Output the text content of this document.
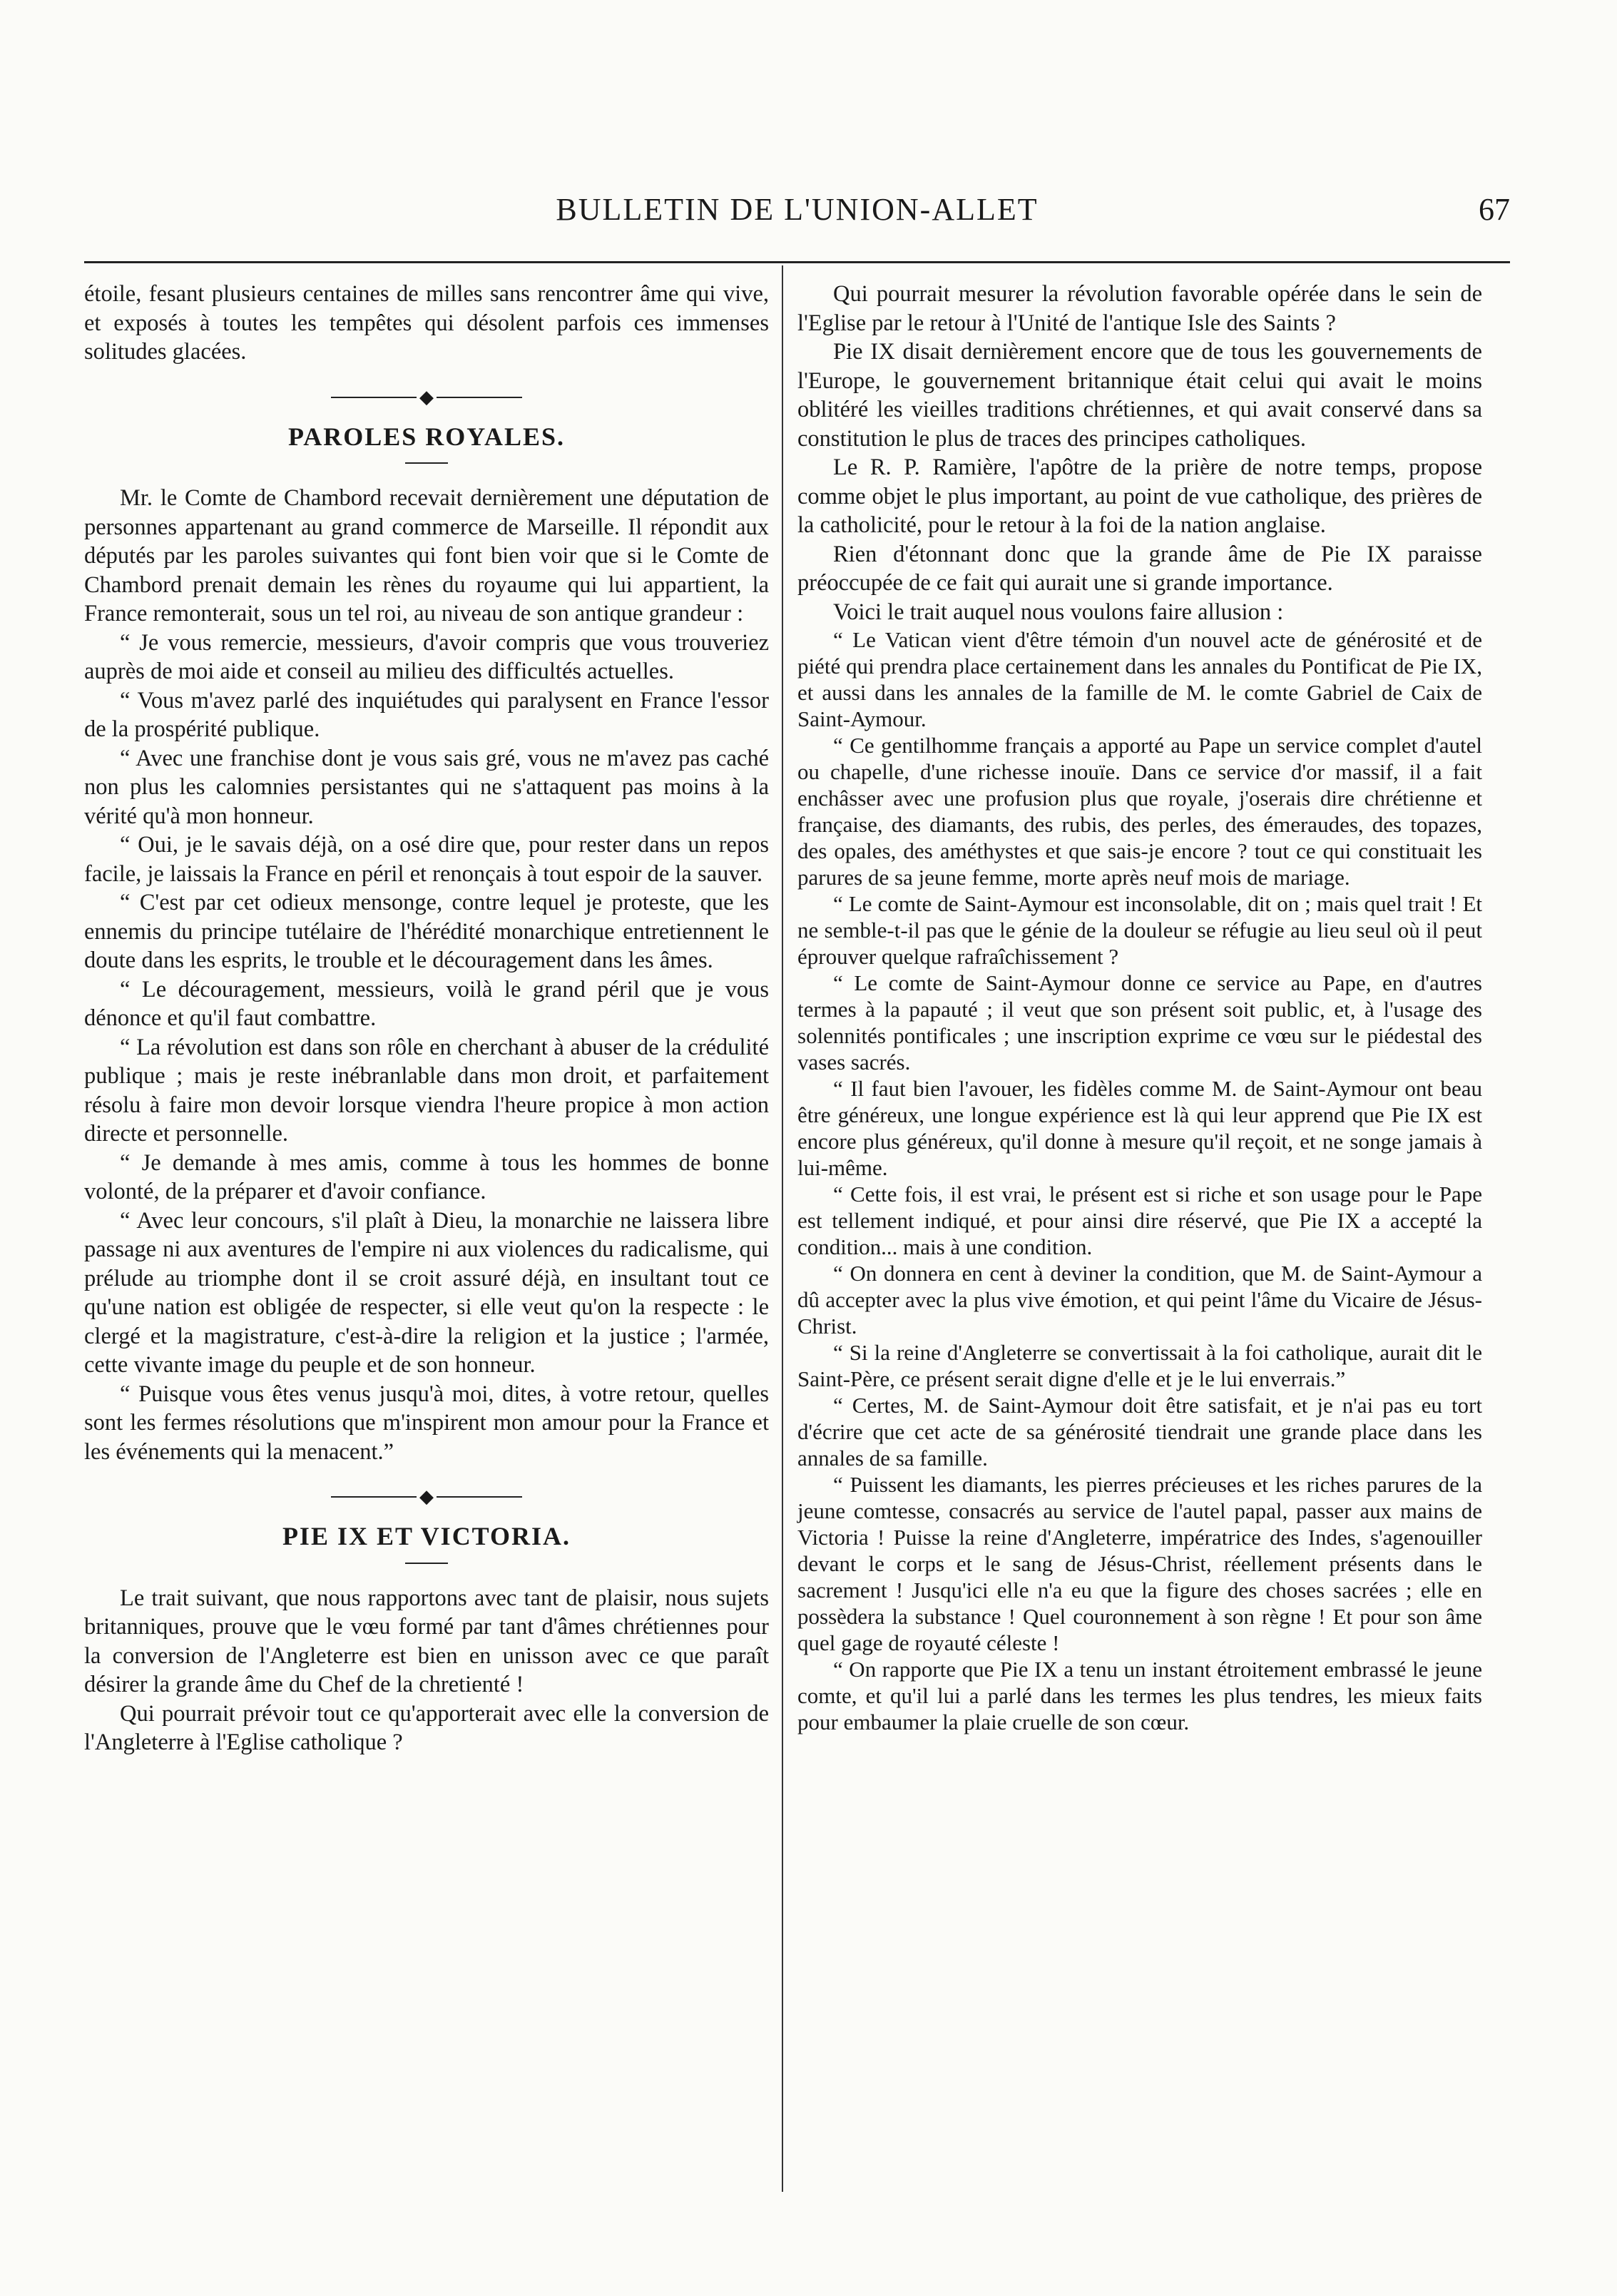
BULLETIN DE L'UNION-ALLET	67

étoile, fesant plusieurs centaines de milles sans rencontrer âme qui vive, et exposés à toutes les tempêtes qui désolent parfois ces immenses solitudes glacées.

◆
PAROLES ROYALES.

Mr. le Comte de Chambord recevait dernièrement une députation de personnes appartenant au grand commerce de Marseille. Il répondit aux députés par les paroles suivantes qui font bien voir que si le Comte de Chambord prenait demain les rènes du royaume qui lui appartient, la France remonterait, sous un tel roi, au niveau de son antique grandeur :

“ Je vous remercie, messieurs, d'avoir compris que vous trouveriez auprès de moi aide et conseil au milieu des difficultés actuelles.

“ Vous m'avez parlé des inquiétudes qui paralysent en France l'essor de la prospérité publique.

“ Avec une franchise dont je vous sais gré, vous ne m'avez pas caché non plus les calomnies persistantes qui ne s'attaquent pas moins à la vérité qu'à mon honneur.

“ Oui, je le savais déjà, on a osé dire que, pour rester dans un repos facile, je laissais la France en péril et renonçais à tout espoir de la sauver.

“ C'est par cet odieux mensonge, contre lequel je proteste, que les ennemis du principe tutélaire de l'hérédité monarchique entretiennent le doute dans les esprits, le trouble et le découragement dans les âmes.

“ Le découragement, messieurs, voilà le grand péril que je vous dénonce et qu'il faut combattre.

“ La révolution est dans son rôle en cherchant à abuser de la crédulité publique ; mais je reste inébranlable dans mon droit, et parfaitement résolu à faire mon devoir lorsque viendra l'heure propice à mon action directe et personnelle.

“ Je demande à mes amis, comme à tous les hommes de bonne volonté, de la préparer et d'avoir confiance.

“ Avec leur concours, s'il plaît à Dieu, la monarchie ne laissera libre passage ni aux aventures de l'empire ni aux violences du radicalisme, qui prélude au triomphe dont il se croit assuré déjà, en insultant tout ce qu'une nation est obligée de respecter, si elle veut qu'on la respecte : le clergé et la magistrature, c'est-à-dire la religion et la justice ; l'armée, cette vivante image du peuple et de son honneur.

“ Puisque vous êtes venus jusqu'à moi, dites, à votre retour, quelles sont les fermes résolutions que m'inspirent mon amour pour la France et les événements qui la menacent.”

◆
PIE IX ET VICTORIA.

Le trait suivant, que nous rapportons avec tant de plaisir, nous sujets britanniques, prouve que le vœu formé par tant d'âmes chrétiennes pour la conversion de l'Angleterre est bien en unisson avec ce que paraît désirer la grande âme du Chef de la chretienté !

Qui pourrait prévoir tout ce qu'apporterait avec elle la conversion de l'Angleterre à l'Eglise catholique ?

Qui pourrait mesurer la révolution favorable opérée dans le sein de l'Eglise par le retour à l'Unité de l'antique Isle des Saints ?

Pie IX disait dernièrement encore que de tous les gouvernements de l'Europe, le gouvernement britannique était celui qui avait le moins oblitéré les vieilles traditions chrétiennes, et qui avait conservé dans sa constitution le plus de traces des principes catholiques.

Le R. P. Ramière, l'apôtre de la prière de notre temps, propose comme objet le plus important, au point de vue catholique, des prières de la catholicité, pour le retour à la foi de la nation anglaise.

Rien d'étonnant donc que la grande âme de Pie IX paraisse préoccupée de ce fait qui aurait une si grande importance.

Voici le trait auquel nous voulons faire allusion :

“ Le Vatican vient d'être témoin d'un nouvel acte de générosité et de piété qui prendra place certainement dans les annales du Pontificat de Pie IX, et aussi dans les annales de la famille de M. le comte Gabriel de Caix de Saint-Aymour.

“ Ce gentilhomme français a apporté au Pape un service complet d'autel ou chapelle, d'une richesse inouïe. Dans ce service d'or massif, il a fait enchâsser avec une profusion plus que royale, j'oserais dire chrétienne et française, des diamants, des rubis, des perles, des émeraudes, des topazes, des opales, des améthystes et que sais-je encore ? tout ce qui constituait les parures de sa jeune femme, morte après neuf mois de mariage.

“ Le comte de Saint-Aymour est inconsolable, dit on ; mais quel trait ! Et ne semble-t-il pas que le génie de la douleur se réfugie au lieu seul où il peut éprouver quelque rafraîchissement ?

“ Le comte de Saint-Aymour donne ce service au Pape, en d'autres termes à la papauté ; il veut que son présent soit public, et, à l'usage des solennités pontificales ; une inscription exprime ce vœu sur le piédestal des vases sacrés.

“ Il faut bien l'avouer, les fidèles comme M. de Saint-Aymour ont beau être généreux, une longue expérience est là qui leur apprend que Pie IX est encore plus généreux, qu'il donne à mesure qu'il reçoit, et ne songe jamais à lui-même.

“ Cette fois, il est vrai, le présent est si riche et son usage pour le Pape est tellement indiqué, et pour ainsi dire réservé, que Pie IX a accepté la condition... mais à une condition.

“ On donnera en cent à deviner la condition, que M. de Saint-Aymour a dû accepter avec la plus vive émotion, et qui peint l'âme du Vicaire de Jésus-Christ.

“ Si la reine d'Angleterre se convertissait à la foi catholique, aurait dit le Saint-Père, ce présent serait digne d'elle et je le lui enverrais.”

“ Certes, M. de Saint-Aymour doit être satisfait, et je n'ai pas eu tort d'écrire que cet acte de sa générosité tiendrait une grande place dans les annales de sa famille.

“ Puissent les diamants, les pierres précieuses et les riches parures de la jeune comtesse, consacrés au service de l'autel papal, passer aux mains de Victoria ! Puisse la reine d'Angleterre, impératrice des Indes, s'agenouiller devant le corps et le sang de Jésus-Christ, réellement présents dans le sacrement ! Jusqu'ici elle n'a eu que la figure des choses sacrées ; elle en possèdera la substance ! Quel couronnement à son règne ! Et pour son âme quel gage de royauté céleste !

“ On rapporte que Pie IX a tenu un instant étroitement embrassé le jeune comte, et qu'il lui a parlé dans les termes les plus tendres, les mieux faits pour embaumer la plaie cruelle de son cœur.
